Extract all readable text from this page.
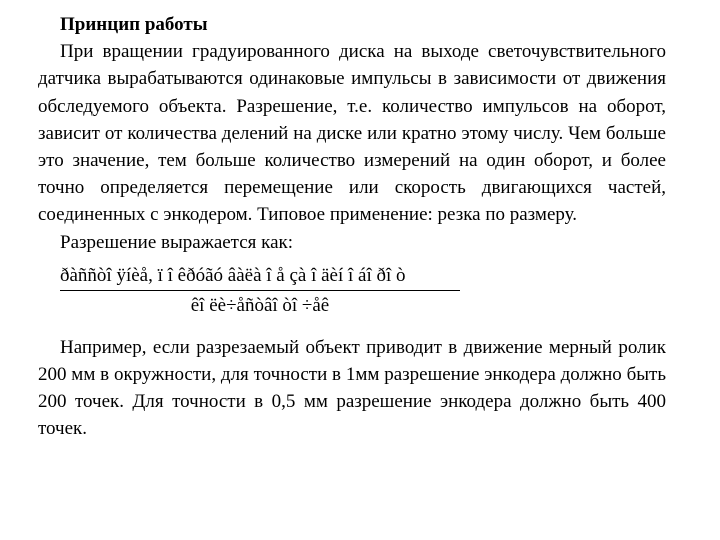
Принцип работы

При вращении градуированного диска на выходе светочувствительного датчика вырабатываются одинаковые импульсы в зависимости от движения обследуемого объекта. Разрешение, т.е. количество импульсов на оборот, зависит от количества делений на диске или кратно этому числу. Чем больше это значение, тем больше количество измерений на один оборот, и более точно определяется перемещение или скорость двигающихся частей, соединенных с энкодером. Типовое применение: резка по размеру.

Разрешение выражается как:

ðàññòî ÿíèå, ï î êðóãó âàëà î å çà î äèí î áî ðî ò
êî ëè÷åñòâî òî ÷åê

Например, если разрезаемый объект приводит в движение мерный ролик 200 мм в окружности, для точности в 1мм разрешение энкодера должно быть 200 точек. Для точности в 0,5 мм разрешение энкодера должно быть 400 точек.
